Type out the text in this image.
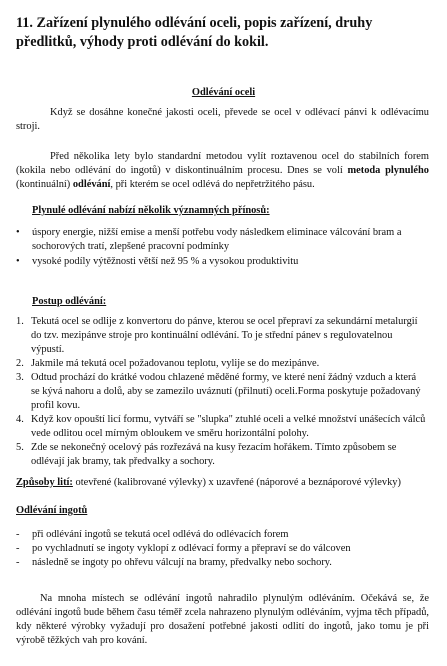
11. Zařízení plynulého odlévání oceli, popis zařízení, druhy předlitků, výhody proti odlévání do kokil.
Odlévání oceli

Když se dosáhne konečné jakosti oceli, převede se ocel v odlévací pánvi k odlévacímu stroji.

Před několika lety bylo standardní metodou vylít roztavenou ocel do stabilních forem (kokila nebo odlévání do ingotů) v diskontinuálním procesu. Dnes se volí metoda plynulého (kontinuální) odlévání, při kterém se ocel odlévá do nepřetržitého pásu.

Plynulé odlévání nabízí několik významných přínosů:
• úspory energie, nižší emise a menší potřebu vody následkem eliminace válcování bram a sochorových tratí, zlepšené pracovní podmínky
• vysoké podíly výtěžnosti větší než 95 % a vysokou produktivitu
Postup odlévání:
1. Tekutá ocel se odlije z konvertoru do pánve, kterou se ocel přepraví za sekundární metalurgií do tzv. mezipánve stroje pro kontinuální odlévání. To je střední pánev s regulovatelnou výpustí.
2. Jakmile má tekutá ocel požadovanou teplotu, vylije se do mezipánve.
3. Odtud prochází do krátké vodou chlazené měděné formy, ve které není žádný vzduch a která se kývá nahoru a dolů, aby se zamezilo uváznutí (přilnutí) oceli.Forma poskytuje požadovaný profil kovu.
4. Když kov opouští licí formu, vytváří se "slupka" ztuhlé oceli a velké množství unášecích válců vede odlitou ocel mírným obloukem ve směru horizontální polohy.
5. Zde se nekonečný ocelový pás rozřezává na kusy řezacím hořákem. Tímto způsobem se odlévají jak bramy, tak předvalky a sochory.

Způsoby lití: otevřené (kalibrované výlevky) x uzavřené (náporové a beznáporové výlevky)

Odlévání ingotů
- při odlévání ingotů se tekutá ocel odlévá do odlévacích forem
- po vychladnutí se ingoty vyklopí z odlévací formy a přepraví se do válcoven
- následně se ingoty po ohřevu válcují na bramy, předvalky nebo sochory.

Na mnoha místech se odlévání ingotů nahradilo plynulým odléváním. Očekává se, že odlévání ingotů bude během času téměř zcela nahrazeno plynulým odléváním, vyjma těch případů, kdy některé výrobky vyžadují pro dosažení potřebné jakosti odlití do ingotů, jako tomu je při výrobě těžkých vah pro kování.
